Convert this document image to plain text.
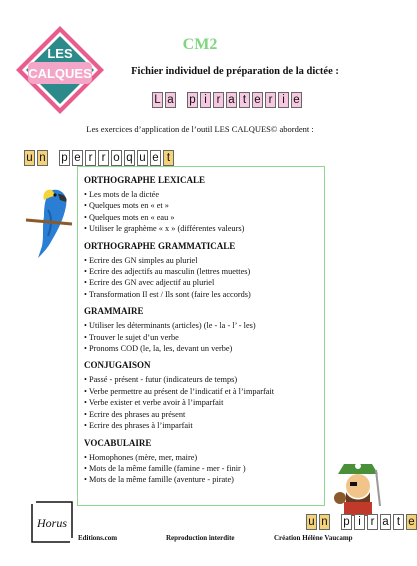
LES
CALQUES
CM2
Fichier individuel de préparation de la dictée :
L a p i r a t e r i e
Les exercices d’application de l’outil LES CALQUES© abordent :
u n p e r r o q u e t
ORTHOGRAPHE LEXICALE
• Les mots de la dictée
• Quelques mots en « et »
• Quelques mots en « eau »
• Utiliser le graphème « x » (différentes valeurs)
ORTHOGRAPHE GRAMMATICALE
• Ecrire des GN simples au pluriel
• Ecrire des adjectifs au masculin (lettres muettes)
• Ecrire des GN avec adjectif au pluriel
• Transformation Il est / Ils sont (faire les accords)
GRAMMAIRE
• Utiliser les déterminants (articles) (le - la - l’ - les)
• Trouver le sujet d’un verbe
• Pronoms COD (le, la, les, devant un verbe)
CONJUGAISON
• Passé - présent - futur (indicateurs de temps)
• Verbe permettre au présent de l’indicatif et à l’imparfait
• Verbe exister et verbe avoir à l’imparfait
• Ecrire des phrases au présent
• Ecrire des phrases à l’imparfait
VOCABULAIRE
• Homophones (mère, mer, maire)
• Mots de la même famille (famine - mer - finir )
• Mots de la même famille (aventure - pirate)
u n p i r a t e
Horus
Editions.com	Reproduction interdite	Création Hélène Vaucamp
